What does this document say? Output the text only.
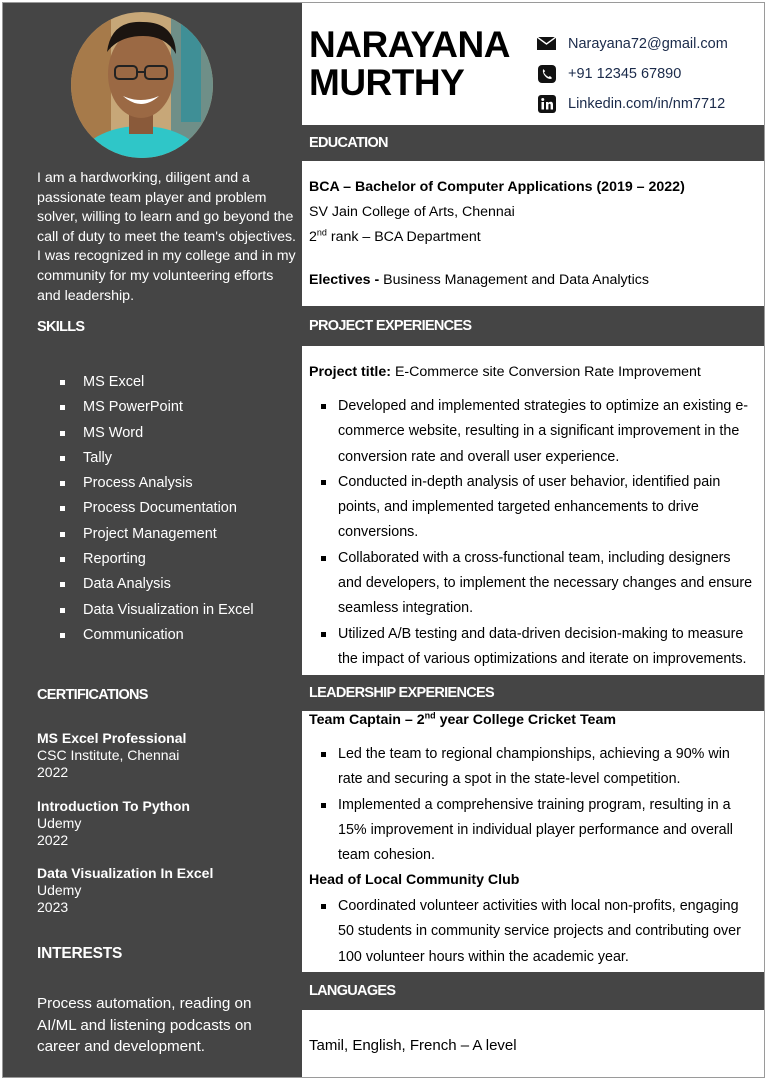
I am a hardworking, diligent and a passionate team player and problem solver, willing to learn and go beyond the call of duty to meet the team's objectives. I was recognized in my college and in my community for my volunteering efforts and leadership.
SKILLS
MS Excel
MS PowerPoint
MS Word
Tally
Process Analysis
Process Documentation
Project Management
Reporting
Data Analysis
Data Visualization in Excel
Communication
CERTIFICATIONS
MS Excel Professional
CSC Institute, Chennai
2022
Introduction To Python
Udemy
2022
Data Visualization In Excel
Udemy
2023
INTERESTS
Process automation, reading on AI/ML and listening podcasts on career and development.
NARAYANA
MURTHY
Narayana72@gmail.com
+91 12345 67890
Linkedin.com/in/nm7712
EDUCATION
BCA – Bachelor of Computer Applications (2019 – 2022)
SV Jain College of Arts, Chennai
2nd rank – BCA Department
Electives - Business Management and Data Analytics
PROJECT EXPERIENCES
Project title: E-Commerce site Conversion Rate Improvement
Developed and implemented strategies to optimize an existing e-commerce website, resulting in a significant improvement in the conversion rate and overall user experience.
Conducted in-depth analysis of user behavior, identified pain points, and implemented targeted enhancements to drive conversions.
Collaborated with a cross-functional team, including designers and developers, to implement the necessary changes and ensure seamless integration.
Utilized A/B testing and data-driven decision-making to measure the impact of various optimizations and iterate on improvements.
LEADERSHIP EXPERIENCES
Team Captain – 2nd year College Cricket Team
Led the team to regional championships, achieving a 90% win rate and securing a spot in the state-level competition.
Implemented a comprehensive training program, resulting in a 15% improvement in individual player performance and overall team cohesion.
Head of Local Community Club
Coordinated volunteer activities with local non-profits, engaging 50 students in community service projects and contributing over 100 volunteer hours within the academic year.
LANGUAGES
Tamil, English, French – A level
